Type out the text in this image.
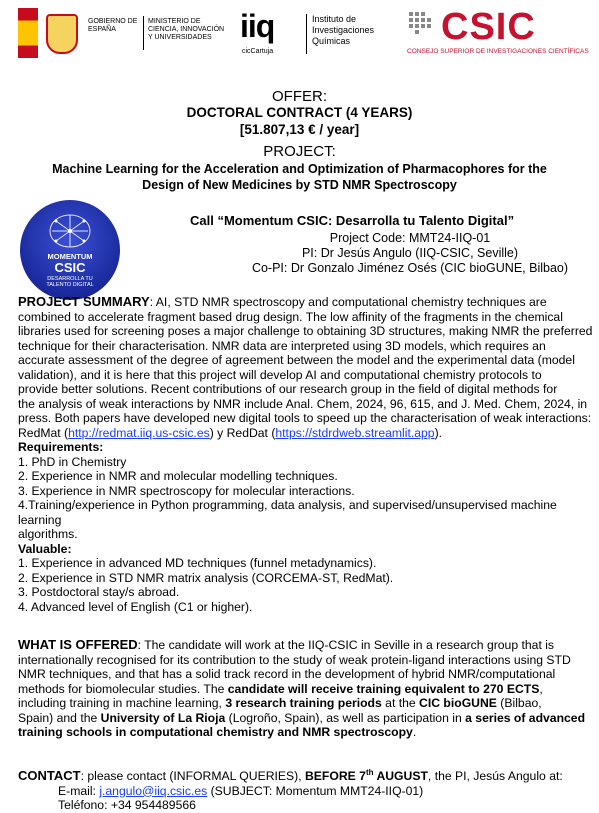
GOBIERNO DE ESPAÑA
MINISTERIO DE CIENCIA, INNOVACIÓN Y UNIVERSIDADES iiq
cicCartuja
Instituto de Investigaciones Químicas	CSIC
CONSEJO SUPERIOR DE INVESTIGACIONES CIENTÍFICAS
OFFER:
DOCTORAL CONTRACT (4 YEARS)
[51.807,13 € / year]
PROJECT:
Machine Learning for the Acceleration and Optimization of Pharmacophores for the
Design of New Medicines by STD NMR Spectroscopy
MOMENTUM
CSIC
DESARROLLA TU TALENTO DIGITAL
Call “Momentum CSIC: Desarrolla tu Talento Digital”
Project Code: MMT24-IIQ-01
PI: Dr Jesús Angulo (IIQ-CSIC, Seville)
Co-PI: Dr Gonzalo Jiménez Osés (CIC bioGUNE, Bilbao)

PROJECT SUMMARY: AI, STD NMR spectroscopy and computational chemistry techniques are

combined to accelerate fragment based drug design. The low affinity of the fragments in the chemical

libraries used for screening poses a major challenge to obtaining 3D structures, making NMR the preferred

technique for their characterisation. NMR data are interpreted using 3D models, which requires an

accurate assessment of the degree of agreement between the model and the experimental data (model

validation), and it is here that this project will develop AI and computational chemistry protocols to

provide better solutions. Recent contributions of our research group in the field of digital methods for

the analysis of weak interactions by NMR include Anal. Chem, 2024, 96, 615, and J. Med. Chem, 2024, in

press. Both papers have developed new digital tools to speed up the characterisation of weak interactions:

RedMat (http://redmat.iiq.us-csic.es) y RedDat (https://stdrdweb.streamlit.app).

Requirements:

1. PhD in Chemistry

2. Experience in NMR and molecular modelling techniques.

3. Experience in NMR spectroscopy for molecular interactions.

4.Training/experience in Python programming, data analysis, and supervised/unsupervised machine learning

algorithms.

Valuable:

1. Experience in advanced MD techniques (funnel metadynamics).

2. Experience in STD NMR matrix analysis (CORCEMA-ST, RedMat).

3. Postdoctoral stay/s abroad.

4. Advanced level of English (C1 or higher).

WHAT IS OFFERED: The candidate will work at the IIQ-CSIC in Seville in a research group that is

internationally recognised for its contribution to the study of weak protein-ligand interactions using STD

NMR techniques, and that has a solid track record in the development of hybrid NMR/computational

methods for biomolecular studies. The candidate will receive training equivalent to 270 ECTS,

including training in machine learning, 3 research training periods at the CIC bioGUNE (Bilbao,

Spain) and the University of La Rioja (Logroño, Spain), as well as participation in a series of advanced

training schools in computational chemistry and NMR spectroscopy.

CONTACT: please contact (INFORMAL QUERIES), BEFORE 7th AUGUST, the PI, Jesús Angulo at:

E-mail: j.angulo@iiq.csic.es (SUBJECT: Momentum MMT24-IIQ-01)

Teléfono: +34 954489566
